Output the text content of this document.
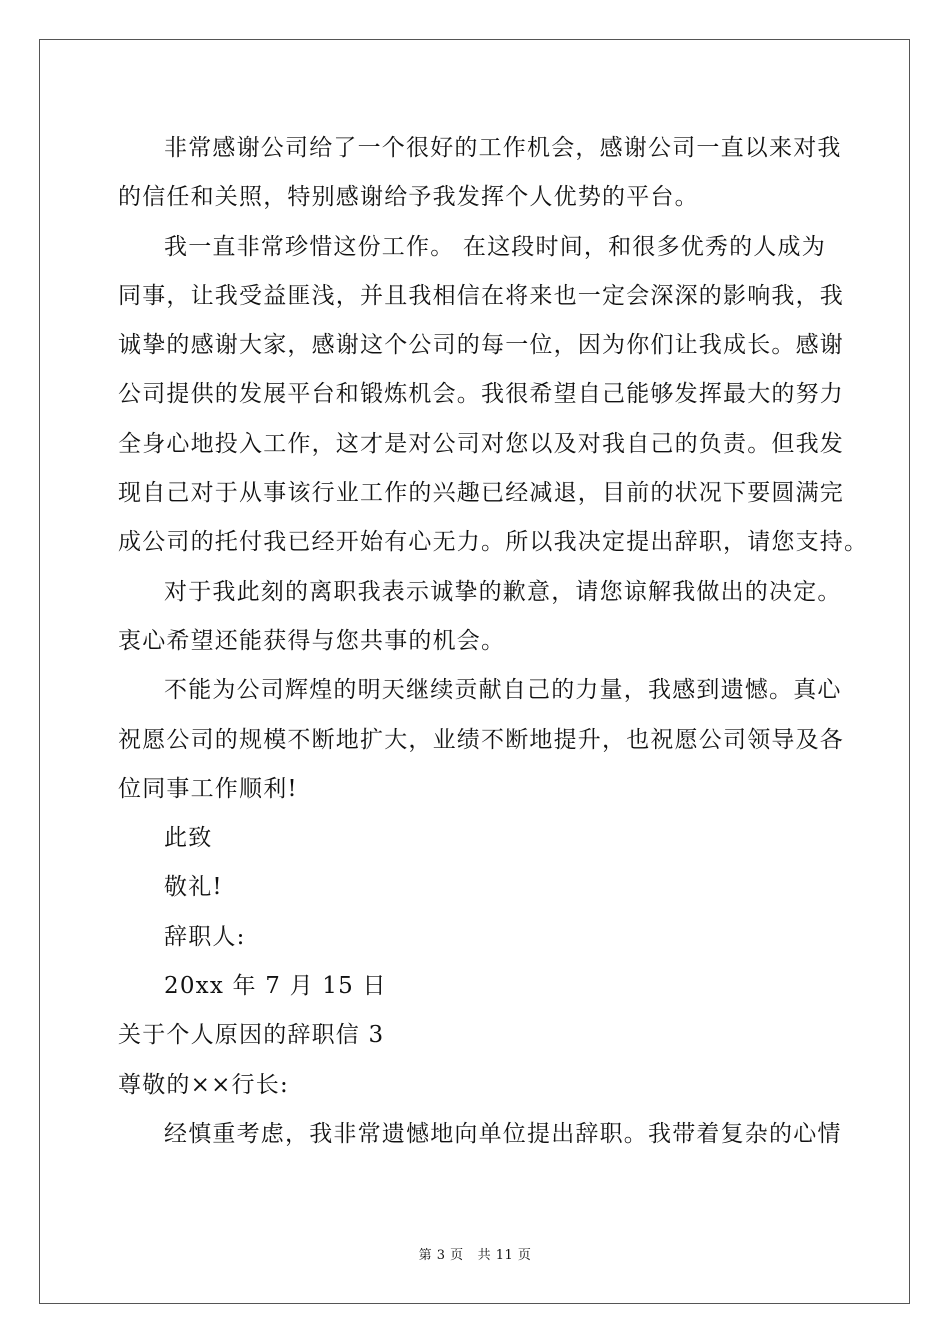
非常感谢公司给了一个很好的工作机会，感谢公司一直以来对我
的信任和关照，特别感谢给予我发挥个人优势的平台。
我一直非常珍惜这份工作。 在这段时间，和很多优秀的人成为
同事，让我受益匪浅，并且我相信在将来也一定会深深的影响我，我
诚挚的感谢大家，感谢这个公司的每一位，因为你们让我成长。感谢
公司提供的发展平台和锻炼机会。我很希望自己能够发挥最大的努力
全身心地投入工作，这才是对公司对您以及对我自己的负责。但我发
现自己对于从事该行业工作的兴趣已经减退，目前的状况下要圆满完
成公司的托付我已经开始有心无力。所以我决定提出辞职，请您支持。
对于我此刻的离职我表示诚挚的歉意，请您谅解我做出的决定。
衷心希望还能获得与您共事的机会。
不能为公司辉煌的明天继续贡献自己的力量，我感到遗憾。真心
祝愿公司的规模不断地扩大，业绩不断地提升，也祝愿公司领导及各
位同事工作顺利!
此致
敬礼!
辞职人:
20xx 年 7 月 15 日
关于个人原因的辞职信 3
尊敬的××行长:
经慎重考虑，我非常遗憾地向单位提出辞职。我带着复杂的心情
第 3 页 共 11 页
